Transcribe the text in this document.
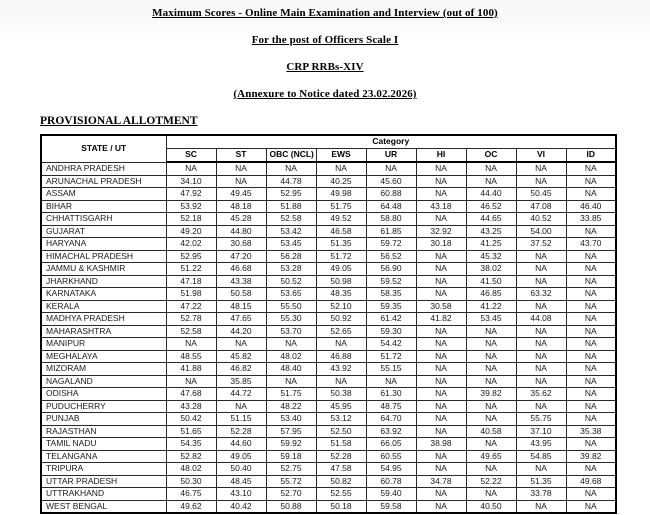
Maximum Scores - Online Main Examination and Interview (out of 100)
For the post of Officers Scale I
CRP RRBs-XIV
(Annexure to Notice dated 23.02.2026)
PROVISIONAL ALLOTMENT
STATE / UT	Category								
	SC	ST	OBC (NCL)	EWS	UR	HI	OC	VI	ID
ANDHRA PRADESH	NA	NA	NA	NA	NA	NA	NA	NA	NA
ARUNACHAL PRADESH	34.10	NA	44.78	40.25	45.60	NA	NA	NA	NA
ASSAM	47.92	49.45	52.95	49.98	60.88	NA	44.40	50.45	NA
BIHAR	53.92	48.18	51.88	51.75	64.48	43.18	46.52	47.08	46.40
CHHATTISGARH	52.18	45.28	52.58	49.52	58.80	NA	44.65	40.52	33.85
GUJARAT	49.20	44.80	53.42	46.58	61.85	32.92	43.25	54.00	NA
HARYANA	42.02	30.68	53.45	51.35	59.72	30.18	41.25	37.52	43.70
HIMACHAL PRADESH	52.95	47.20	56.28	51.72	56.52	NA	45.32	NA	NA
JAMMU & KASHMIR	51.22	46.68	53.28	49.05	56.90	NA	38.02	NA	NA
JHARKHAND	47.18	43.38	50.52	50.98	59.52	NA	41.50	NA	NA
KARNATAKA	51.98	50.58	53.65	48.35	58.35	NA	46.85	63.32	NA
KERALA	47.22	48.15	55.50	52.10	59.35	30.58	41.22	NA	NA
MADHYA PRADESH	52.78	47.65	55.30	50.92	61.42	41.82	53.45	44.08	NA
MAHARASHTRA	52.58	44.20	53.70	52.65	59.30	NA	NA	NA	NA
MANIPUR	NA	NA	NA	NA	54.42	NA	NA	NA	NA
MEGHALAYA	48.55	45.82	48.02	46.88	51.72	NA	NA	NA	NA
MIZORAM	41.88	46.82	48.40	43.92	55.15	NA	NA	NA	NA
NAGALAND	NA	35.85	NA	NA	NA	NA	NA	NA	NA
ODISHA	47.68	44.72	51.75	50.38	61.30	NA	39.82	35.62	NA
PUDUCHERRY	43.28	NA	48.22	45.95	48.75	NA	NA	NA	NA
PUNJAB	50.42	51.15	53.40	53.12	64.70	NA	NA	55.75	NA
RAJASTHAN	51.65	52.28	57.95	52.50	63.92	NA	40.58	37.10	35.38
TAMIL NADU	54.35	44.60	59.92	51.58	66.05	38.98	NA	43.95	NA
TELANGANA	52.82	49.05	59.18	52.28	60.55	NA	49.65	54.85	39.82
TRIPURA	48.02	50.40	52.75	47.58	54.95	NA	NA	NA	NA
UTTAR PRADESH	50.30	48.45	55.72	50.82	60.78	34.78	52.22	51.35	49.68
UTTRAKHAND	46.75	43.10	52.70	52.55	59.40	NA	NA	33.78	NA
WEST BENGAL	49.62	40.42	50.88	50.18	59.58	NA	40.50	NA	NA
